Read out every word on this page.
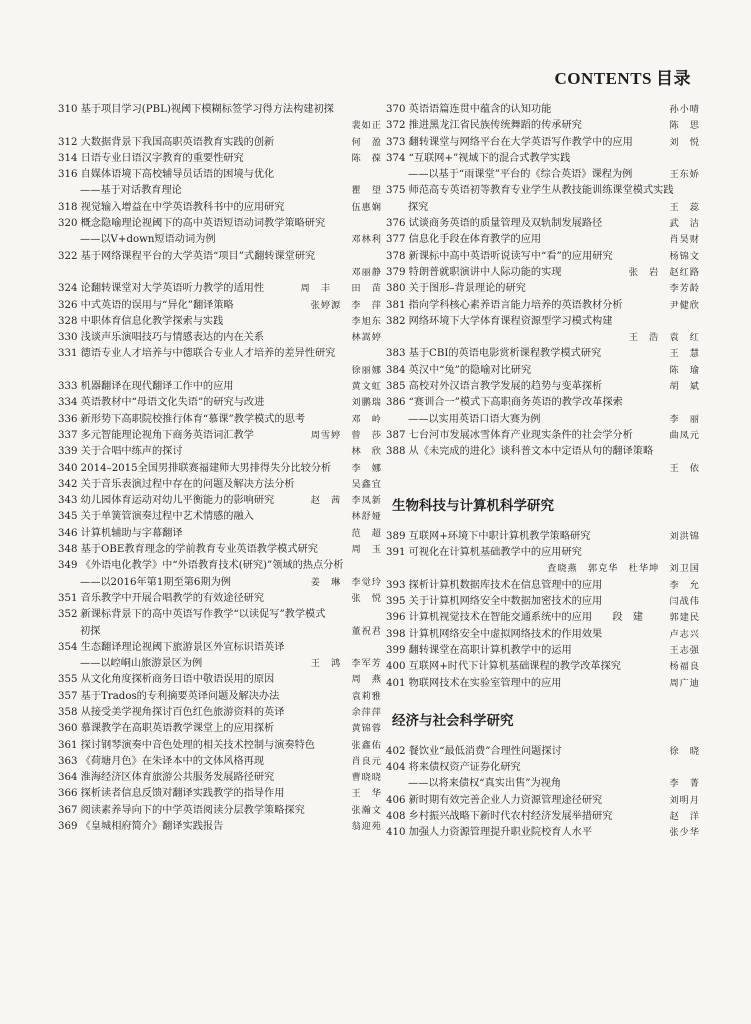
CONTENTS 目录
310 基于项目学习(PBL)视阈下模糊标签学习得方法构建初探
裴如正
312 大数据背景下我国高职英语教育实践的创新	何　盈
314 日语专业日语汉字教育的重要性研究	陈　葆
316 自媒体语境下高校辅导员话语的困境与优化
——基于对话教育理论	瞿　望
318 视觉输入增益在中学英语教科书中的应用研究	伍惠娴
320 概念隐喻理论视阈下的高中英语短语动词教学策略研究
——以V+down短语动词为例	邓林利
322 基于网络课程平台的大学英语“项目”式翻转课堂研究
邓丽静
324 论翻转课堂对大学英语听力教学的适用性	周　丰　　田　苗
326 中式英语的误用与“异化”翻译策略	张婷源　李　萍
328 中职体育信息化教学探索与实践	李旭东
330 浅谈声乐演唱技巧与情感表达的内在关系	林嵩婷
331 德语专业人才培养与中德联合专业人才培养的差异性研究
徐丽娜
333 机器翻译在现代翻译工作中的应用	黄文虹
334 英语教材中“母语文化失语”的研究与改进	刘鹏瑞
336 新形势下高职院校推行体育“慕课”教学模式的思考	邓　岭
337 多元智能理论视角下商务英语词汇教学	周雪婷　曾　莎
339 关于合唱中练声的探讨	林　欣
340 2014–2015全国男排联赛福建师大男排得失分比较分析 李　娜
342 关于音乐表演过程中存在的问题及解决方法分析	吴鑫宜
343 幼儿园体育运动对幼儿平衡能力的影响研究	赵　茜　李凤新
345 关于单簧管演奏过程中艺术情感的融入	林舒娅
346 计算机辅助与字幕翻译	范　超
348 基于OBE教育理念的学前教育专业英语教学模式研究	周　玉
349 《外语电化教学》中“外语教育技术(研究)”领域的热点分析
——以2016年第1期至第6期为例	姜　琳　李觉玲
351 音乐教学中开展合唱教学的有效途径研究	张　悦
352 新课标背景下的高中英语写作教学“以读促写”教学模式
初探	董祝君
354 生态翻译理论视阈下旅游景区外宣标识语英译
——以崆峒山旅游景区为例	王　鸿　李军芳
355 从文化角度探析商务日语中敬语误用的原因	周　燕
357 基于Trados的专利摘要英译问题及解决办法	袁莉雅
358 从接受美学视角探讨百色红色旅游资料的英译	余萍萍
360 慕课教学在高职英语教学课堂上的应用探析	黄锦蓉
361 探讨钢琴演奏中音色处理的相关技术控制与演奏特色	张鑫佑
363 《荷塘月色》在朱译本中的文体风格再现	肖良元
364 淮海经济区体育旅游公共服务发展路径研究	曹晓晓
366 探析读者信息反馈对翻译实践教学的指导作用	王　华
367 阅读素养导向下的中学英语阅读分层教学策略探究	张瀚文
369 《皇城相府简介》翻译实践报告	翁迎苑
370 英语语篇连贯中蕴含的认知功能	孙小晴
372 推进黑龙江省民族传统舞蹈的传承研究	陈　思
373 翻转课堂与网络平台在大学英语写作教学中的应用	刘　悦
374 “互联网+”视域下的混合式教学实践
——以基于“雨课堂”平台的《综合英语》课程为例	王东娇
375 师范高专英语初等教育专业学生从教技能训练课堂模式实践
探究	王　蕊
376 试谈商务英语的质量管理及双轨制发展路径	武　洁
377 信息化手段在体育教学的应用	肖昊财
378 新课标中高中英语听说读写中“看”的应用研究	杨锦文
379 特朗普就职演讲中人际功能的实现	张　岩　赵红路
380 关于图形–背景理论的研究	李芳龄
381 指向学科核心素养语言能力培养的英语教材分析	尹健欣
382 网络环境下大学体育课程资源型学习模式构建
王　浩　袁　红
383 基于CBI的英语电影赏析课程教学模式研究	王　慧
384 英汉中“兔”的隐喻对比研究	陈　瑜
385 高校对外汉语言教学发展的趋势与变革探析	胡　斌
386 “赛训合一”模式下高职商务英语的教学改革探索
——以实用英语口语大赛为例	李　丽
387 七台河市发展冰雪体育产业现实条件的社会学分析	曲凤元
388 从《未完成的进化》谈科普文本中定语从句的翻译策略
王　依
生物科技与计算机科学研究
389 互联网+环境下中职计算机教学策略研究	刘洪锦
391 可视化在计算机基础教学中的应用研究
査晓燕　郭克华　杜华坤　刘卫国
393 探析计算机数据库技术在信息管理中的应用	李　允
395 关于计算机网络安全中数据加密技术的应用	闫战伟
396 计算机视觉技术在智能交通系统中的应用　　段　建	郭建民
398 计算机网络安全中虚拟网络技术的作用效果	卢志兴
399 翻转课堂在高职计算机教学中的运用	王志强
400 互联网+时代下计算机基础课程的教学改革探究	杨福良
401 物联网技术在实验室管理中的应用	周广迪
经济与社会科学研究
402 餐饮业“最低消费”合理性问题探讨	徐　晓
404 将来债权资产证券化研究
——以将来债权“真实出售”为视角	李　菁
406 新时期有效完善企业人力资源管理途径研究	刘明月
408 乡村振兴战略下新时代农村经济发展举措研究	赵　洋
410 加强人力资源管理提升职业院校育人水平	张少华
